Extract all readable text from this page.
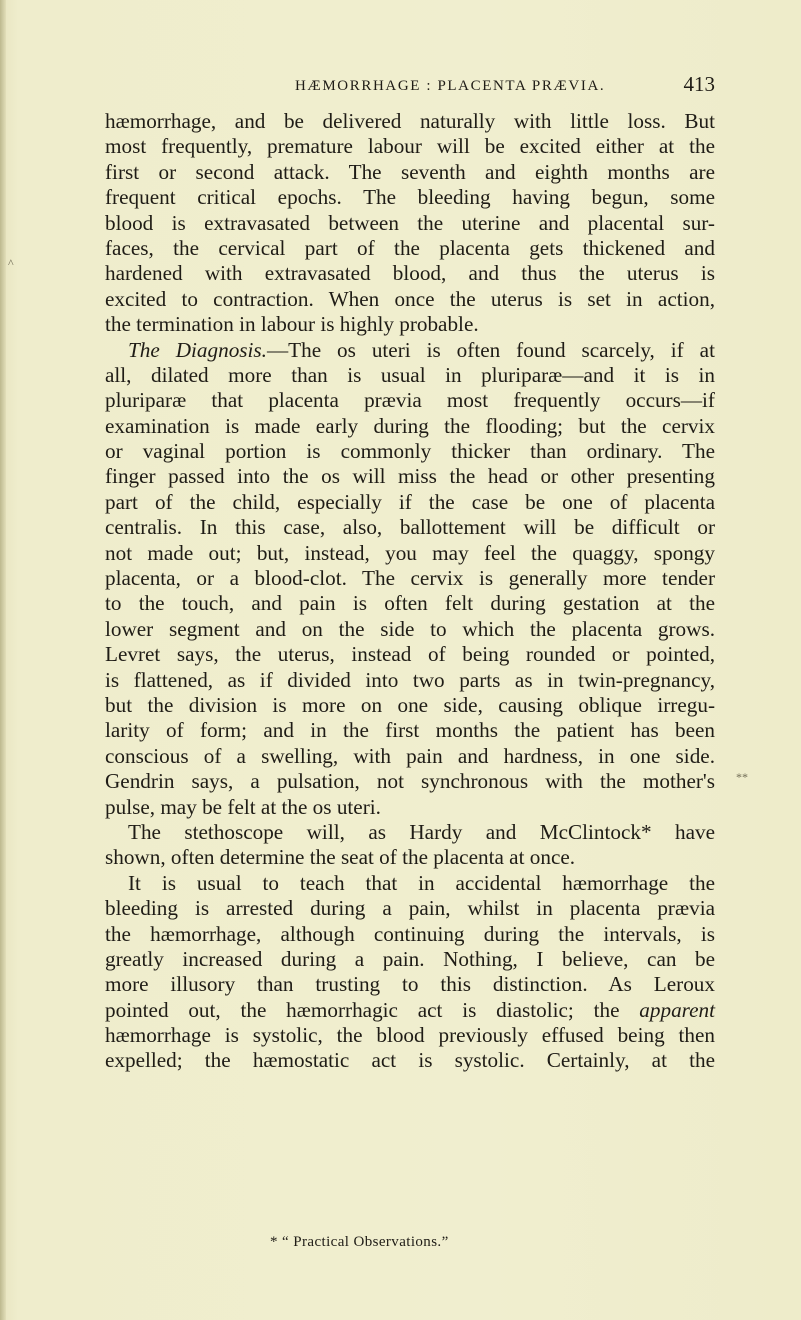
HÆMORRHAGE : PLACENTA PRÆVIA.	413
^
**
hæmorrhage, and be delivered naturally with little loss. But
most frequently, premature labour will be excited either at the
first or second attack. The seventh and eighth months are
frequent critical epochs. The bleeding having begun, some
blood is extravasated between the uterine and placental sur-
faces, the cervical part of the placenta gets thickened and
hardened with extravasated blood, and thus the uterus is
excited to contraction. When once the uterus is set in action,
the termination in labour is highly probable.
The Diagnosis.—The os uteri is often found scarcely, if at
all, dilated more than is usual in pluriparæ—and it is in
pluriparæ that placenta prævia most frequently occurs—if
examination is made early during the flooding; but the cervix
or vaginal portion is commonly thicker than ordinary. The
finger passed into the os will miss the head or other presenting
part of the child, especially if the case be one of placenta
centralis. In this case, also, ballottement will be difficult or
not made out; but, instead, you may feel the quaggy, spongy
placenta, or a blood-clot. The cervix is generally more tender
to the touch, and pain is often felt during gestation at the
lower segment and on the side to which the placenta grows.
Levret says, the uterus, instead of being rounded or pointed,
is flattened, as if divided into two parts as in twin-pregnancy,
but the division is more on one side, causing oblique irregu-
larity of form; and in the first months the patient has been
conscious of a swelling, with pain and hardness, in one side.
Gendrin says, a pulsation, not synchronous with the mother's
pulse, may be felt at the os uteri.
The stethoscope will, as Hardy and McClintock* have
shown, often determine the seat of the placenta at once.
It is usual to teach that in accidental hæmorrhage the
bleeding is arrested during a pain, whilst in placenta prævia
the hæmorrhage, although continuing during the intervals, is
greatly increased during a pain. Nothing, I believe, can be
more illusory than trusting to this distinction. As Leroux
pointed out, the hæmorrhagic act is diastolic; the apparent
hæmorrhage is systolic, the blood previously effused being then
expelled; the hæmostatic act is systolic. Certainly, at the
* “ Practical Observations.”
